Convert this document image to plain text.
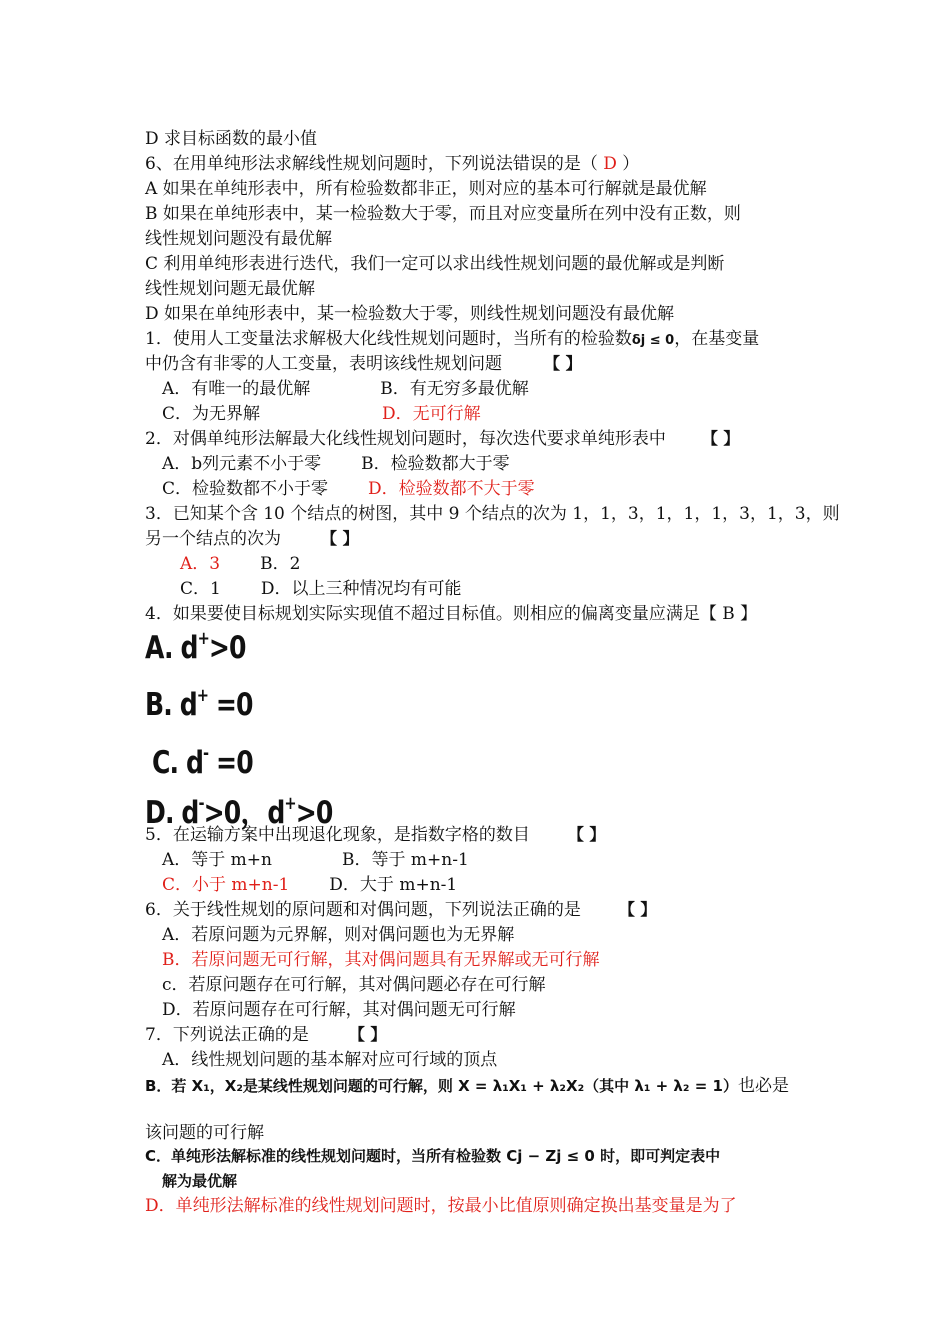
D 求目标函数的最小值
6、在用单纯形法求解线性规划问题时，下列说法错误的是（ D ）
A 如果在单纯形表中，所有检验数都非正，则对应的基本可行解就是最优解
B 如果在单纯形表中，某一检验数大于零，而且对应变量所在列中没有正数，则
线性规划问题没有最优解
C 利用单纯形表进行迭代，我们一定可以求出线性规划问题的最优解或是判断
线性规划问题无最优解
D 如果在单纯形表中，某一检验数大于零，则线性规划问题没有最优解
1．使用人工变量法求解极大化线性规划问题时，当所有的检验数δj ≤ 0，在基变量
中仍含有非零的人工变量，表明该线性规划问题	【 】
A．有唯一的最优解	B．有无穷多最优解
C．为无界解	D．无可行解
2．对偶单纯形法解最大化线性规划问题时，每次迭代要求单纯形表中 【 】
A．b列元素不小于零 B．检验数都大于零
C．检验数都不小于零 D．检验数都不大于零
3．已知某个含 10 个结点的树图，其中 9 个结点的次为 1，1，3，1，1，1，3，1，3，则
另一个结点的次为	【 】
A．3 B．2
C．1 D．以上三种情况均有可能
4．如果要使目标规划实际实现值不超过目标值。则相应的偏离变量应满足【 B 】
A. d+>0
B. d+ =0
C. d- =0
D. d->0，d+>0
5．在运输方案中出现退化现象，是指数字格的数目 【 】
A．等于 m+n	B．等于 m+n-1
C．小于 m+n-1 D．大于 m+n-1
6．关于线性规划的原问题和对偶问题，下列说法正确的是 【 】
A．若原问题为元界解，则对偶问题也为无界解
B．若原问题无可行解，其对偶问题具有无界解或无可行解
c．若原问题存在可行解，其对偶问题必存在可行解
D．若原问题存在可行解，其对偶问题无可行解
7．下列说法正确的是	【 】
A．线性规划问题的基本解对应可行域的顶点
B．若 X₁，X₂是某线性规划问题的可行解，则 X = λ₁X₁ + λ₂X₂（其中 λ₁ + λ₂ = 1）也必是
该问题的可行解
C．单纯形法解标准的线性规划问题时，当所有检验数 Cj − Zj ≤ 0 时，即可判定表中
解为最优解
D．单纯形法解标准的线性规划问题时，按最小比值原则确定换出基变量是为了
